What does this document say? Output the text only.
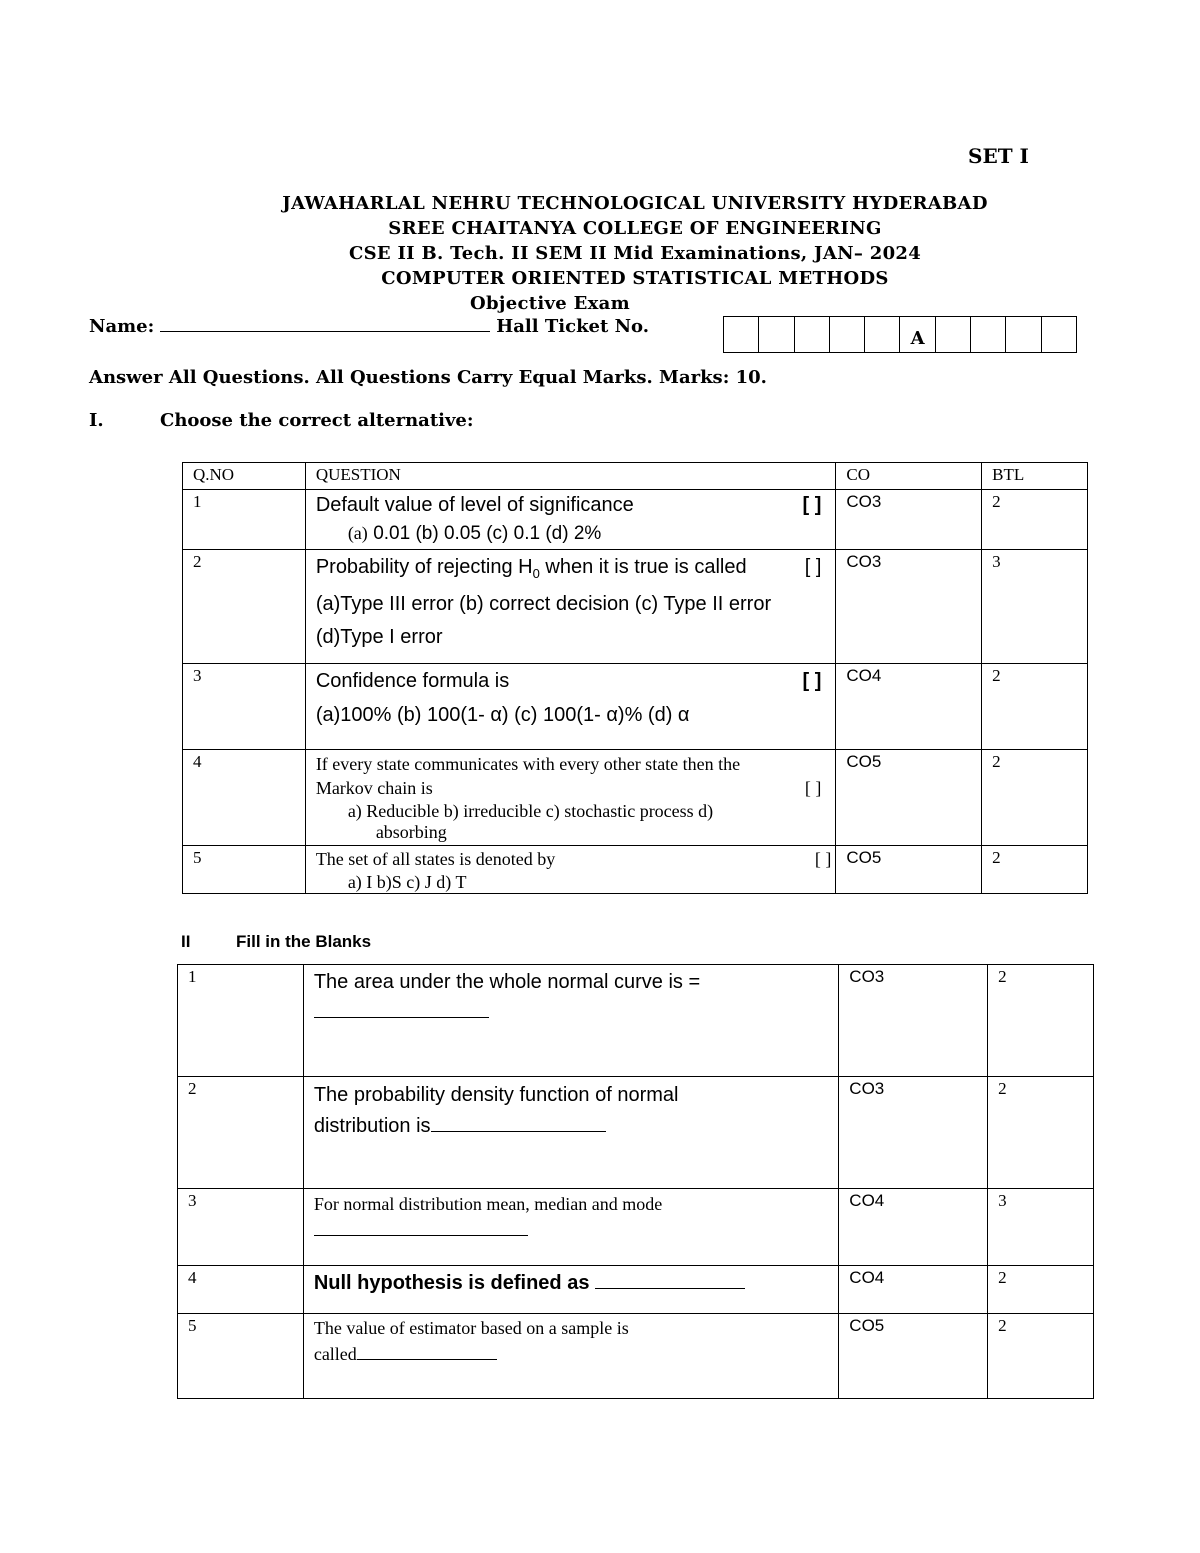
SET I
JAWAHARLAL NEHRU TECHNOLOGICAL UNIVERSITY HYDERABAD
SREE CHAITANYA COLLEGE OF ENGINEERING
CSE II B. Tech. II SEM II Mid Examinations, JAN– 2024
COMPUTER ORIENTED STATISTICAL METHODS
Objective Exam
Name:	Hall Ticket No.
A
Answer All Questions. All Questions Carry Equal Marks. Marks: 10.
I.	Choose the correct alternative:
Q.NO	QUESTION	CO	BTL
1	Default value of level of significance [ ]
(a) 0.01 (b) 0.05 (c) 0.1 (d) 2%	CO3	2
2	Probability of rejecting $H_0$ when it is true is called [ ]
(a)Type III error (b) correct decision (c) Type II error
(d)Type I error	CO3	3
3	Confidence formula is [ ]
(a)100% (b) 100(1- α) (c) 100(1- α)% (d) α	CO4	2
4	If every state communicates with every other state then the
Markov chain is [ ]
a) Reducible b) irreducible c) stochastic process d)
absorbing	CO5	2
5	The set of all states is denoted by [ ]
a) I b)S c) J d) T	CO5	2
II	Fill in the Blanks
1	The area under the whole normal curve is =	CO3	2
2	The probability density function of normal
distribution is	CO3	2
3	For normal distribution mean, median and mode	CO4	3
4	Null hypothesis is defined as	CO4	2
5	The value of estimator based on a sample is
called	CO5	2
